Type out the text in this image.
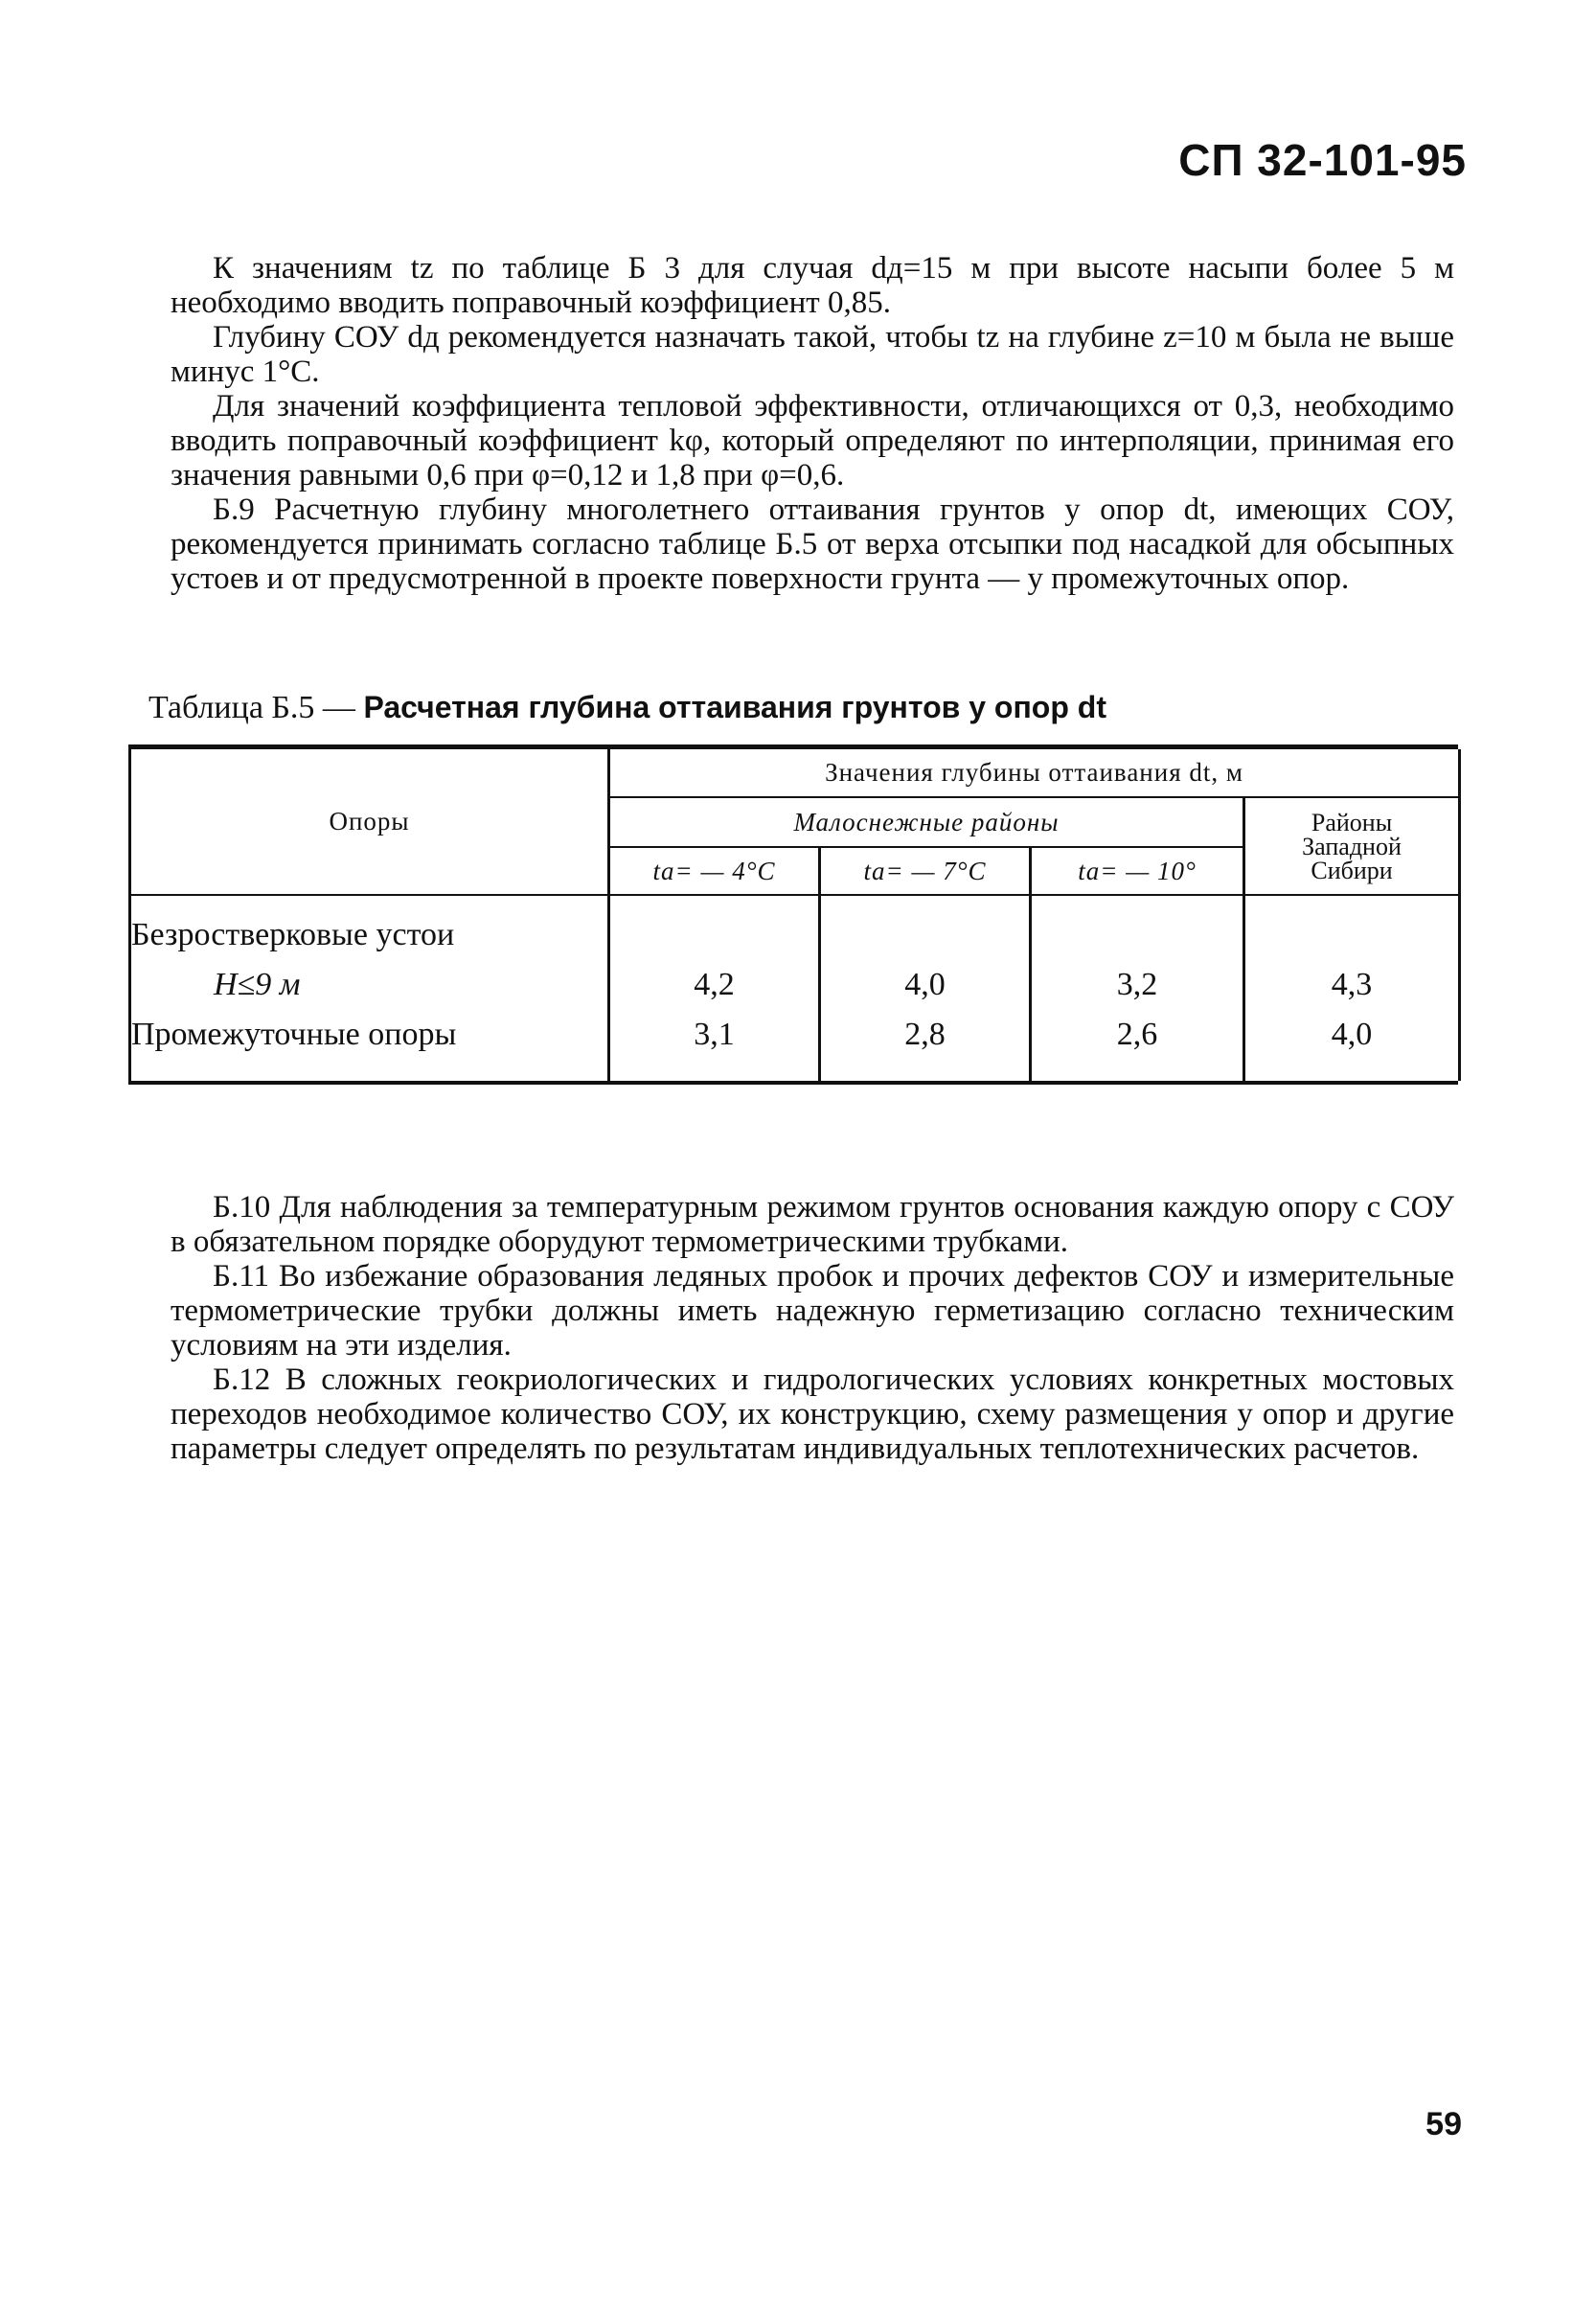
СП 32-101-95

К значениям tz по таблице Б 3 для случая dд=15 м при высоте насыпи более 5 м необходимо вводить поправочный коэффициент 0,85.

Глубину СОУ dд рекомендуется назначать такой, чтобы tz на глубине z=10 м была не выше минус 1°С.

Для значений коэффициента тепловой эффективности, отличающихся от 0,3, необходимо вводить поправочный коэффициент kφ, который определяют по интерполяции, принимая его значения равными 0,6 при φ=0,12 и 1,8 при φ=0,6.

Б.9 Расчетную глубину многолетнего оттаивания грунтов у опор dt, имеющих СОУ, рекомендуется принимать согласно таблице Б.5 от верха отсыпки под насадкой для обсыпных устоев и от предусмотренной в проекте поверхности грунта — у промежуточных опор.

Таблица Б.5 — Расчетная глубина оттаивания грунтов у опор dt
Опоры	Значения глубины оттаивания dt, м			
	Малоснежные районы			Районы
Западной
Сибири

	ta= — 4°C	ta= — 7°C	ta= — 10°	

Безростверковые устои				
H≤9 м	4,2	4,0	3,2	4,3
Промежуточные опоры	3,1	2,8	2,6	4,0

Б.10 Для наблюдения за температурным режимом грунтов основания каждую опору с СОУ в обязательном порядке оборудуют термометрическими трубками.

Б.11 Во избежание образования ледяных пробок и прочих дефектов СОУ и измерительные термометрические трубки должны иметь надежную герметизацию согласно техническим условиям на эти изделия.

Б.12 В сложных геокриологических и гидрологических условиях конкретных мостовых переходов необходимое количество СОУ, их конструкцию, схему размещения у опор и другие параметры следует определять по результатам индивидуальных теплотехнических расчетов.

59
